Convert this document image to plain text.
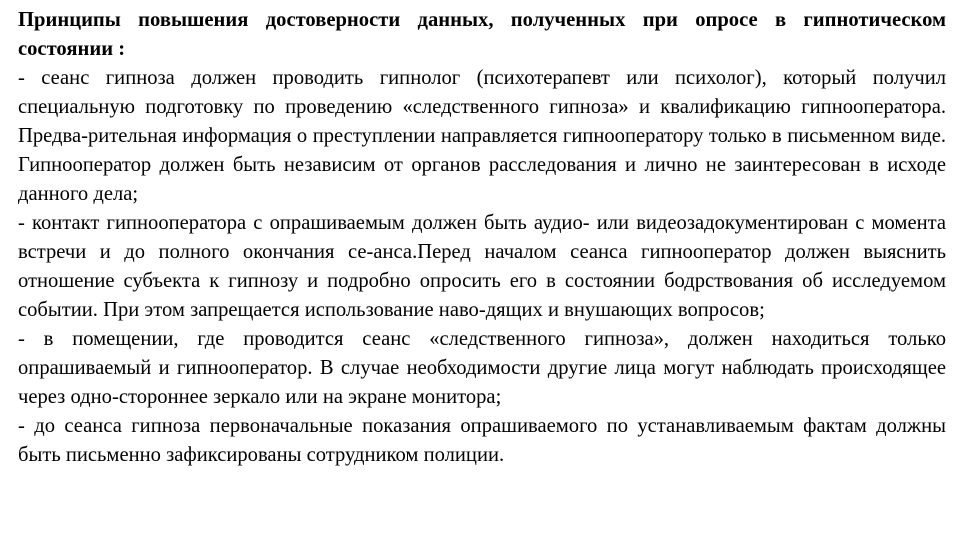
Принципы повышения достоверности данных, полученных при опросе в гипнотическом состоянии :

- сеанс гипноза должен проводить гипнолог (психотерапевт или психолог), который получил специальную подготовку по проведению «следственного гипноза» и квалификацию гипнооператора. Предва-рительная информация о преступлении направляется гипнооператору только в письменном виде. Гипнооператор должен быть независим от органов расследования и лично не заинтересован в исходе данного дела;

- контакт гипнооператора с опрашиваемым должен быть аудио- или видеозадокументирован с момента встречи и до полного окончания се-анса.Перед началом сеанса гипнооператор должен выяснить отношение субъекта к гипнозу и подробно опросить его в состоянии бодрствования об исследуемом событии. При этом запрещается использование наво-дящих и внушающих вопросов;

- в помещении, где проводится сеанс «следственного гипноза», должен находиться только опрашиваемый и гипнооператор. В случае необходимости другие лица могут наблюдать происходящее через одно-стороннее зеркало или на экране монитора;

- до сеанса гипноза первоначальные показания опрашиваемого по устанавливаемым фактам должны быть письменно зафиксированы сотрудником полиции.
